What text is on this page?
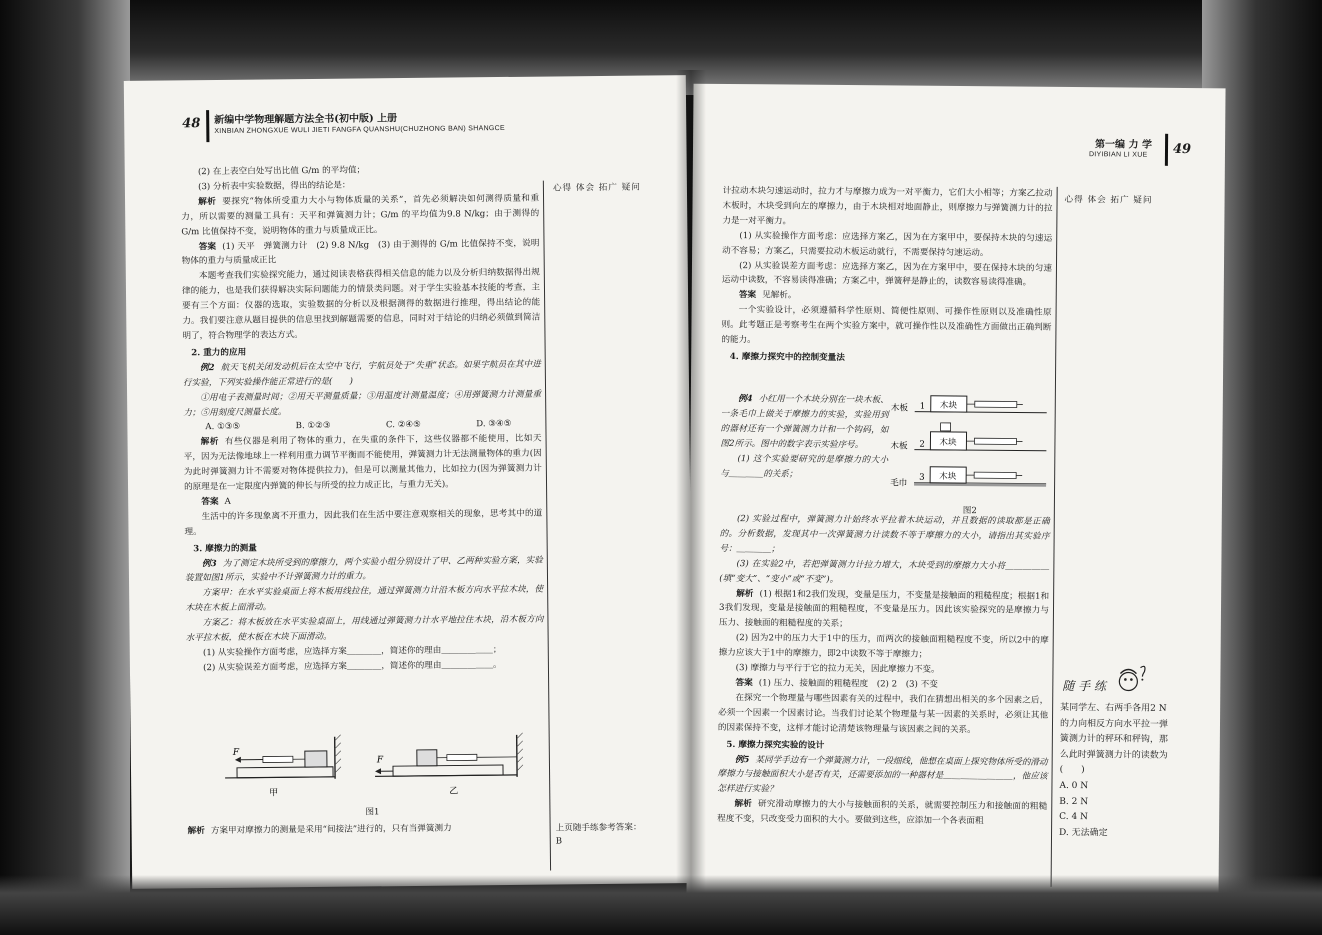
48 新编中学物理解题方法全书(初中版) 上册
XINBIAN ZHONGXUE WULI JIETI FANGFA QUANSHU(CHUZHONG BAN) SHANGCE
心得 体会 拓广 疑问

(2) 在上表空白处写出比值 G/m 的平均值；

(3) 分析表中实验数据，得出的结论是：

解析 要探究“物体所受重力大小与物体质量的关系”，首先必须解决如何测得质量和重力，所以需要的测量工具有：天平和弹簧测力计；G/m 的平均值为9.8 N/kg；由于测得的 G/m 比值保持不变，说明物体的重力与质量成正比。

答案 (1) 天平　弹簧测力计　(2) 9.8 N/kg　(3) 由于测得的 G/m 比值保持不变，说明物体的重力与质量成正比

本题考查我们实验探究能力，通过阅读表格获得相关信息的能力以及分析归纳数据得出规律的能力，也是我们获得解决实际问题能力的情景类问题。对于学生实验基本技能的考查，主要有三个方面：仪器的选取，实验数据的分析以及根据测得的数据进行推理，得出结论的能力。我们要注意从题目提供的信息里找到解题需要的信息，同时对于结论的归纳必须做到简洁明了，符合物理学的表达方式。

2. 重力的应用

例2 航天飞机关闭发动机后在太空中飞行，宇航员处于“失重”状态。如果宇航员在其中进行实验，下列实验操作能正常进行的是(　　)

①用电子表测量时间；②用天平测量质量；③用温度计测量温度；④用弹簧测力计测量重力；⑤用刻度尺测量长度。

A. ①③⑤	B. ①②③	C. ②④⑤	D. ③④⑤

解析 有些仪器是利用了物体的重力，在失重的条件下，这些仪器都不能使用，比如天平，因为无法像地球上一样利用重力调节平衡而不能使用，弹簧测力计无法测量物体的重力(因为此时弹簧测力计不需要对物体提供拉力)，但是可以测量其他力，比如拉力(因为弹簧测力计的原理是在一定限度内弹簧的伸长与所受的拉力成正比，与重力无关)。

答案 A

生活中的许多现象离不开重力，因此我们在生活中要注意观察相关的现象，思考其中的道理。

3. 摩擦力的测量

例3 为了测定木块所受到的摩擦力，两个实验小组分别设计了甲、乙两种实验方案，实验装置如图1所示，实验中不计弹簧测力计的重力。

方案甲：在水平实验桌面上将木板用线拉住，通过弹簧测力计沿木板方向水平拉木块，使木块在木板上面滑动。

方案乙：将木板放在水平实验桌面上，用线通过弹簧测力计水平地拉住木块，沿木板方向水平拉木板，使木板在木块下面滑动。

(1) 从实验操作方面考虑，应选择方案＿＿＿＿，简述你的理由＿＿＿＿＿＿；

(2) 从实验误差方面考虑，应选择方案＿＿＿＿，简述你的理由＿＿＿＿＿＿。

F
F
甲	乙
图1

解析 方案甲对摩擦力的测量是采用“间接法”进行的，只有当弹簧测力	上页随手练参考答案：
B
第一编 力 学
DIYIBIAN LI XUE 49
心得 体会 拓广 疑问

计拉动木块匀速运动时，拉力才与摩擦力成为一对平衡力，它们大小相等；方案乙拉动木板时，木块受到向左的摩擦力，由于木块相对地面静止，则摩擦力与弹簧测力计的拉力是一对平衡力。

(1) 从实验操作方面考虑：应选择方案乙，因为在方案甲中，要保持木块的匀速运动不容易；方案乙，只需要拉动木板运动就行，不需要保持匀速运动。

(2) 从实验误差方面考虑：应选择方案乙，因为在方案甲中，要在保持木块的匀速运动中读数，不容易读得准确；方案乙中，弹簧秤是静止的，读数容易读得准确。

答案 见解析。

一个实验设计，必须遵循科学性原则、简便性原则、可操作性原则以及准确性原则。此考题正是考察考生在两个实验方案中，就可操作性以及准确性方面做出正确判断的能力。

4. 摩擦力探究中的控制变量法

例4 小红用一个木块分别在一块木板、一条毛巾上做关于摩擦力的实验，实验用到的器材还有一个弹簧测力计和一个钩码，如图2所示。图中的数字表示实验序号。

(1) 这个实验要研究的是摩擦力的大小与＿＿＿＿的关系；

木板 1 木块
木板 2 木块
毛巾
3 木块
图2

(2) 实验过程中，弹簧测力计始终水平拉着木块运动，并且数据的读取都是正确的。分析数据，发现其中一次弹簧测力计读数不等于摩擦力的大小，请指出其实验序号：＿＿＿＿；

(3) 在实验2中，若把弹簧测力计拉力增大，木块受到的摩擦力大小将＿＿＿＿＿(填“变大”、“变小”或“不变”)。

解析 (1) 根据1和2我们发现，变量是压力，不变量是接触面的粗糙程度；根据1和3我们发现，变量是接触面的粗糙程度，不变量是压力。因此该实验探究的是摩擦力与压力、接触面的粗糙程度的关系；

(2) 因为2中的压力大于1中的压力，而两次的接触面粗糙程度不变，所以2中的摩擦力应该大于1中的摩擦力，即2中读数不等于摩擦力；

(3) 摩擦力与平行于它的拉力无关，因此摩擦力不变。

答案 (1) 压力、接触面的粗糙程度　(2) 2　(3) 不变

在探究一个物理量与哪些因素有关的过程中，我们在猜想出相关的多个因素之后，必须一个因素一个因素讨论。当我们讨论某个物理量与某一因素的关系时，必须让其他的因素保持不变，这样才能讨论清楚该物理量与该因素之间的关系。

5. 摩擦力探究实验的设计

例5 某同学手边有一个弹簧测力计，一段细线，他想在桌面上探究物体所受的滑动摩擦力与接触面积大小是否有关，还需要添加的一种器材是＿＿＿＿＿＿＿＿，他应该怎样进行实验？

解析 研究滑动摩擦力的大小与接触面积的关系，就需要控制压力和接触面的粗糙程度不变，只改变受力面积的大小。要做到这些，应添加一个各表面粗

随 手 练
某同学左、右两手各用2 N的力向相反方向水平拉一弹簧测力计的秤环和秤钩，那么此时弹簧测力计的读数为(　　)
A. 0 N
B. 2 N
C. 4 N
D. 无法确定
